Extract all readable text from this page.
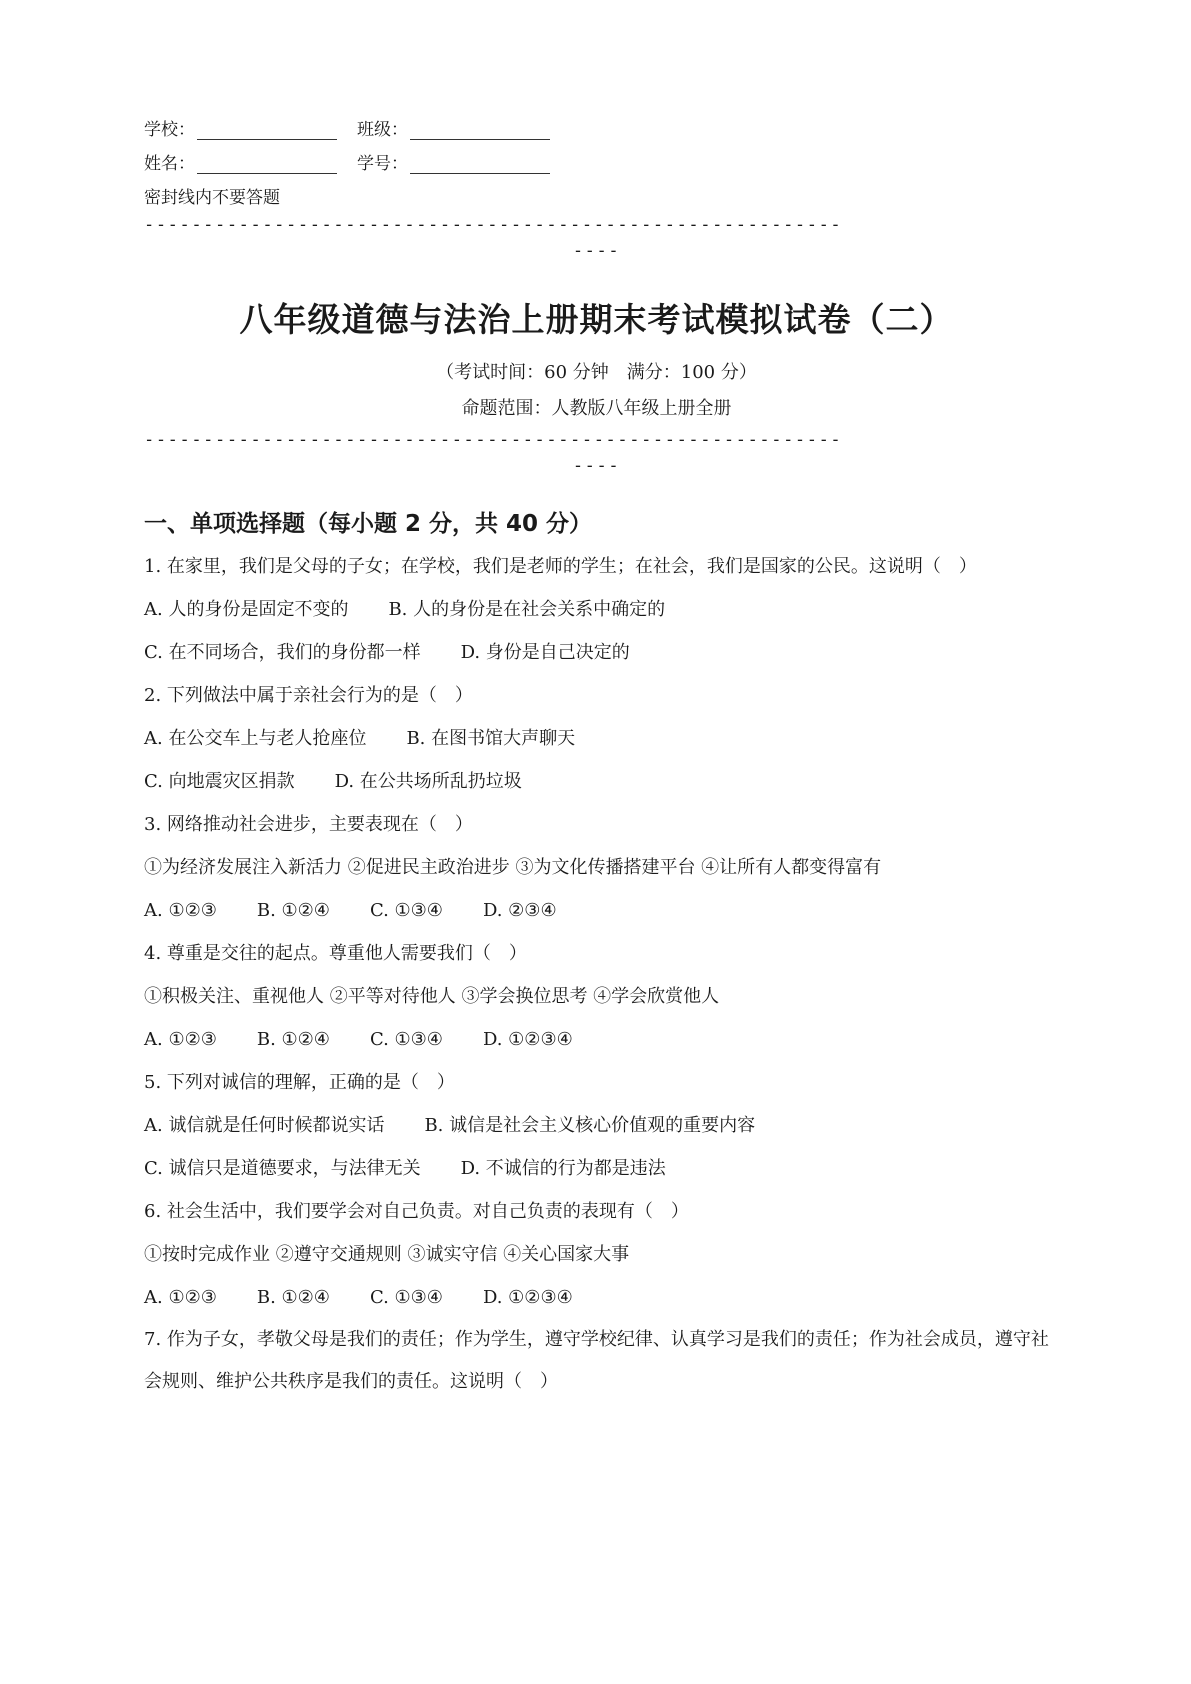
学校：	班级：
姓名：	学号：
密封线内不要答题
-----------------------------------------------------------
----
八年级道德与法治上册期末考试模拟试卷（二）
（考试时间：60 分钟　满分：100 分）
命题范围：人教版八年级上册全册
-----------------------------------------------------------
----
一、单项选择题（每小题 2 分，共 40 分）
1. 在家里，我们是父母的子女；在学校，我们是老师的学生；在社会，我们是国家的公民。这说明（　）
A. 人的身份是固定不变的 B. 人的身份是在社会关系中确定的
C. 在不同场合，我们的身份都一样 D. 身份是自己决定的
2. 下列做法中属于亲社会行为的是（　）
A. 在公交车上与老人抢座位 B. 在图书馆大声聊天
C. 向地震灾区捐款 D. 在公共场所乱扔垃圾
3. 网络推动社会进步，主要表现在（　）
①为经济发展注入新活力 ②促进民主政治进步 ③为文化传播搭建平台 ④让所有人都变得富有
A. ①②③ B. ①②④ C. ①③④ D. ②③④
4. 尊重是交往的起点。尊重他人需要我们（　）
①积极关注、重视他人 ②平等对待他人 ③学会换位思考 ④学会欣赏他人
A. ①②③ B. ①②④ C. ①③④ D. ①②③④
5. 下列对诚信的理解，正确的是（　）
A. 诚信就是任何时候都说实话 B. 诚信是社会主义核心价值观的重要内容
C. 诚信只是道德要求，与法律无关 D. 不诚信的行为都是违法
6. 社会生活中，我们要学会对自己负责。对自己负责的表现有（　）
①按时完成作业 ②遵守交通规则 ③诚实守信 ④关心国家大事
A. ①②③ B. ①②④ C. ①③④ D. ①②③④
7. 作为子女，孝敬父母是我们的责任；作为学生，遵守学校纪律、认真学习是我们的责任；作为社会成员，遵守社会规则、维护公共秩序是我们的责任。这说明（　）
